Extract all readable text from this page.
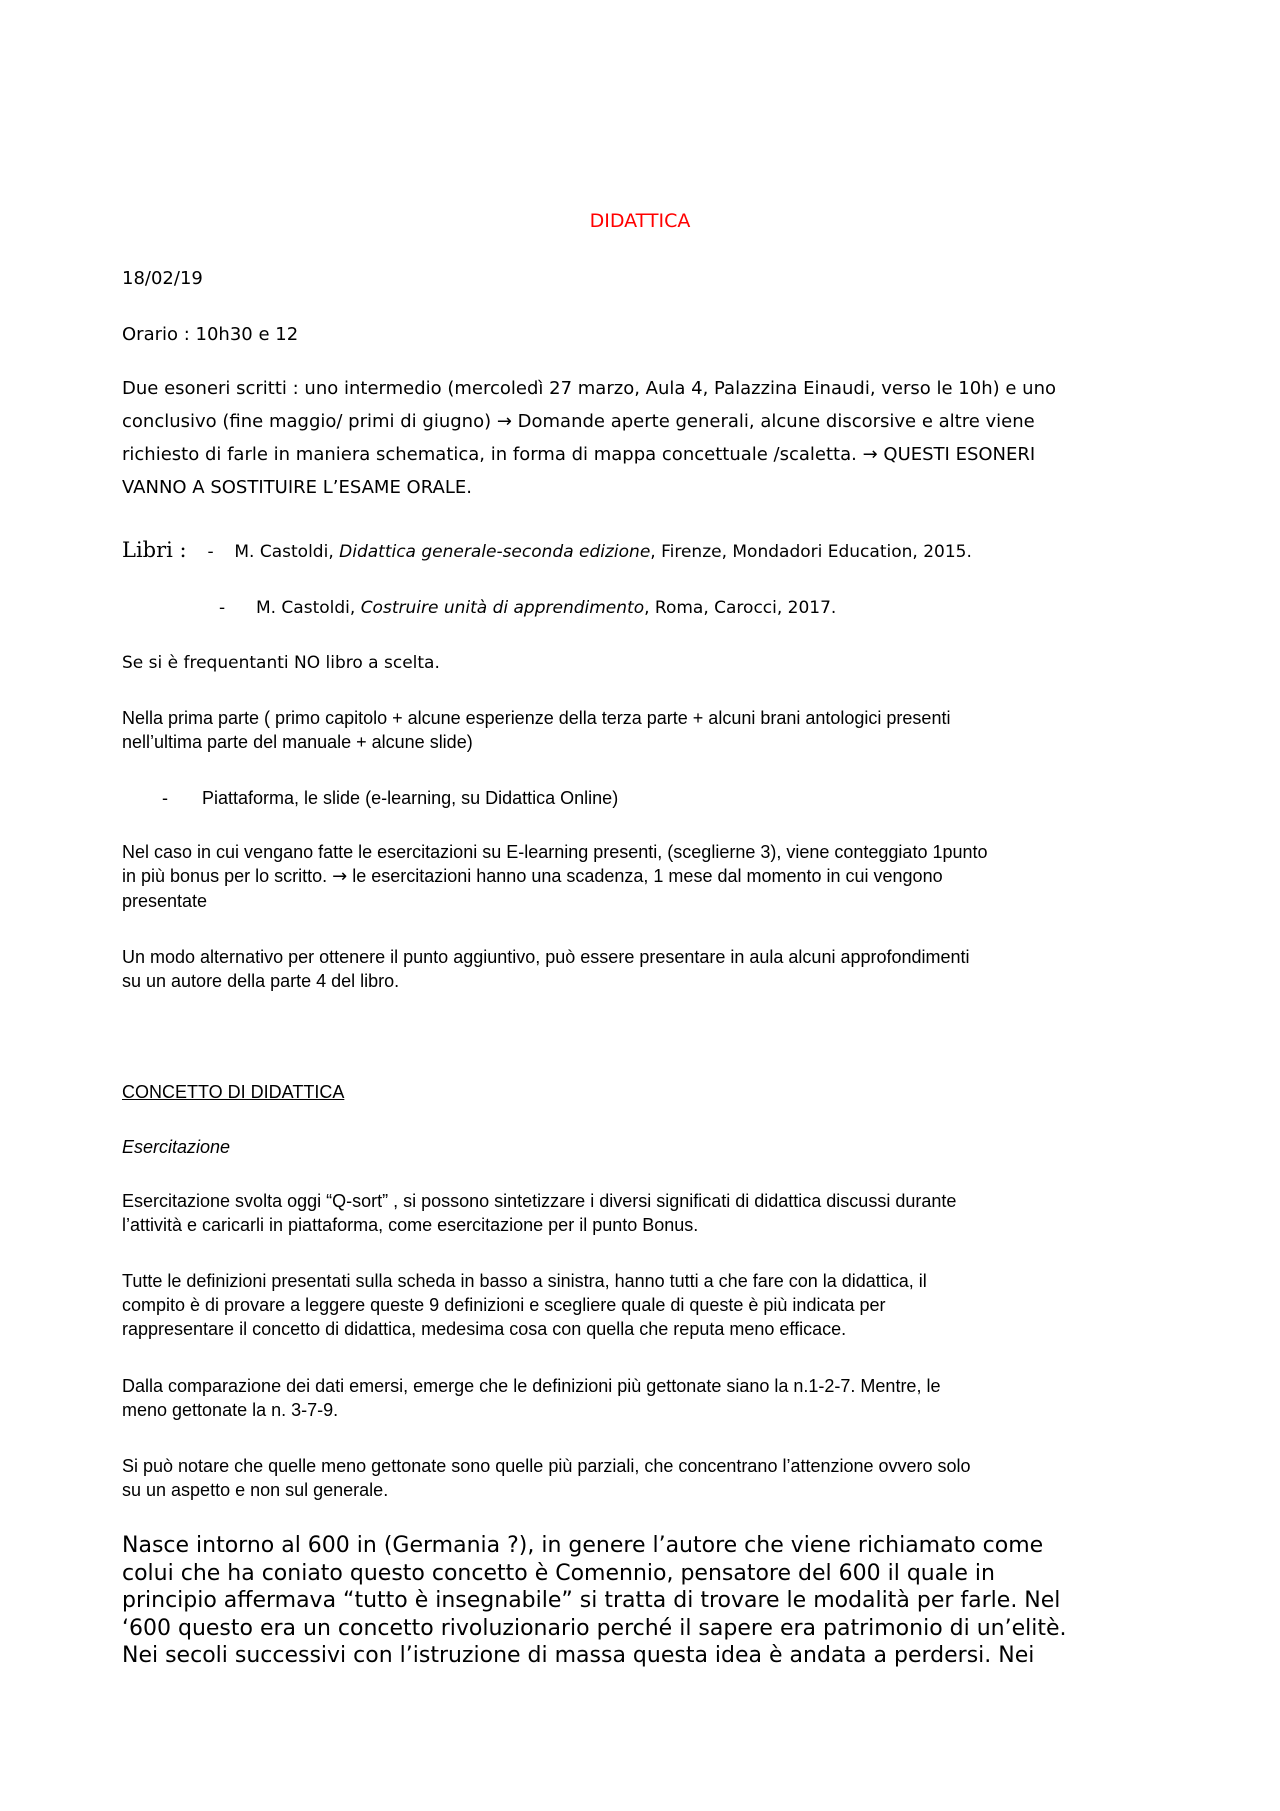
DIDATTICA

18/02/19

Orario : 10h30 e 12

Due esoneri scritti : uno intermedio (mercoledì 27 marzo, Aula 4, Palazzina Einaudi, verso le 10h) e uno
conclusivo (fine maggio/ primi di giugno) → Domande aperte generali, alcune discorsive e altre viene
richiesto di farle in maniera schematica, in forma di mappa concettuale /scaletta. → QUESTI ESONERI
VANNO A SOSTITUIRE L’ESAME ORALE.
Libri : - M. Castoldi, Didattica generale-seconda edizione, Firenze, Mondadori Education, 2015.
- M. Castoldi, Costruire unità di apprendimento, Roma, Carocci, 2017.

Se si è frequentanti NO libro a scelta.

Nella prima parte ( primo capitolo + alcune esperienze della terza parte + alcuni brani antologici presenti
nell’ultima parte del manuale + alcune slide)
- Piattaforma, le slide (e-learning, su Didattica Online)
Nel caso in cui vengano fatte le esercitazioni su E-learning presenti, (sceglierne 3), viene conteggiato 1punto
in più bonus per lo scritto. → le esercitazioni hanno una scadenza, 1 mese dal momento in cui vengono
presentate
Un modo alternativo per ottenere il punto aggiuntivo, può essere presentare in aula alcuni approfondimenti
su un autore della parte 4 del libro.

CONCETTO DI DIDATTICA

Esercitazione

Esercitazione svolta oggi “Q-sort” , si possono sintetizzare i diversi significati di didattica discussi durante
l’attività e caricarli in piattaforma, come esercitazione per il punto Bonus.
Tutte le definizioni presentati sulla scheda in basso a sinistra, hanno tutti a che fare con la didattica, il
compito è di provare a leggere queste 9 definizioni e scegliere quale di queste è più indicata per
rappresentare il concetto di didattica, medesima cosa con quella che reputa meno efficace.
Dalla comparazione dei dati emersi, emerge che le definizioni più gettonate siano la n.1-2-7. Mentre, le
meno gettonate la n. 3-7-9.
Si può notare che quelle meno gettonate sono quelle più parziali, che concentrano l’attenzione ovvero solo
su un aspetto e non sul generale.
Nasce intorno al 600 in (Germania ?), in genere l’autore che viene richiamato come
colui che ha coniato questo concetto è Comennio, pensatore del 600 il quale in
principio affermava “tutto è insegnabile” si tratta di trovare le modalità per farle. Nel
‘600 questo era un concetto rivoluzionario perché il sapere era patrimonio di un’elitè.
Nei secoli successivi con l’istruzione di massa questa idea è andata a perdersi. Nei
